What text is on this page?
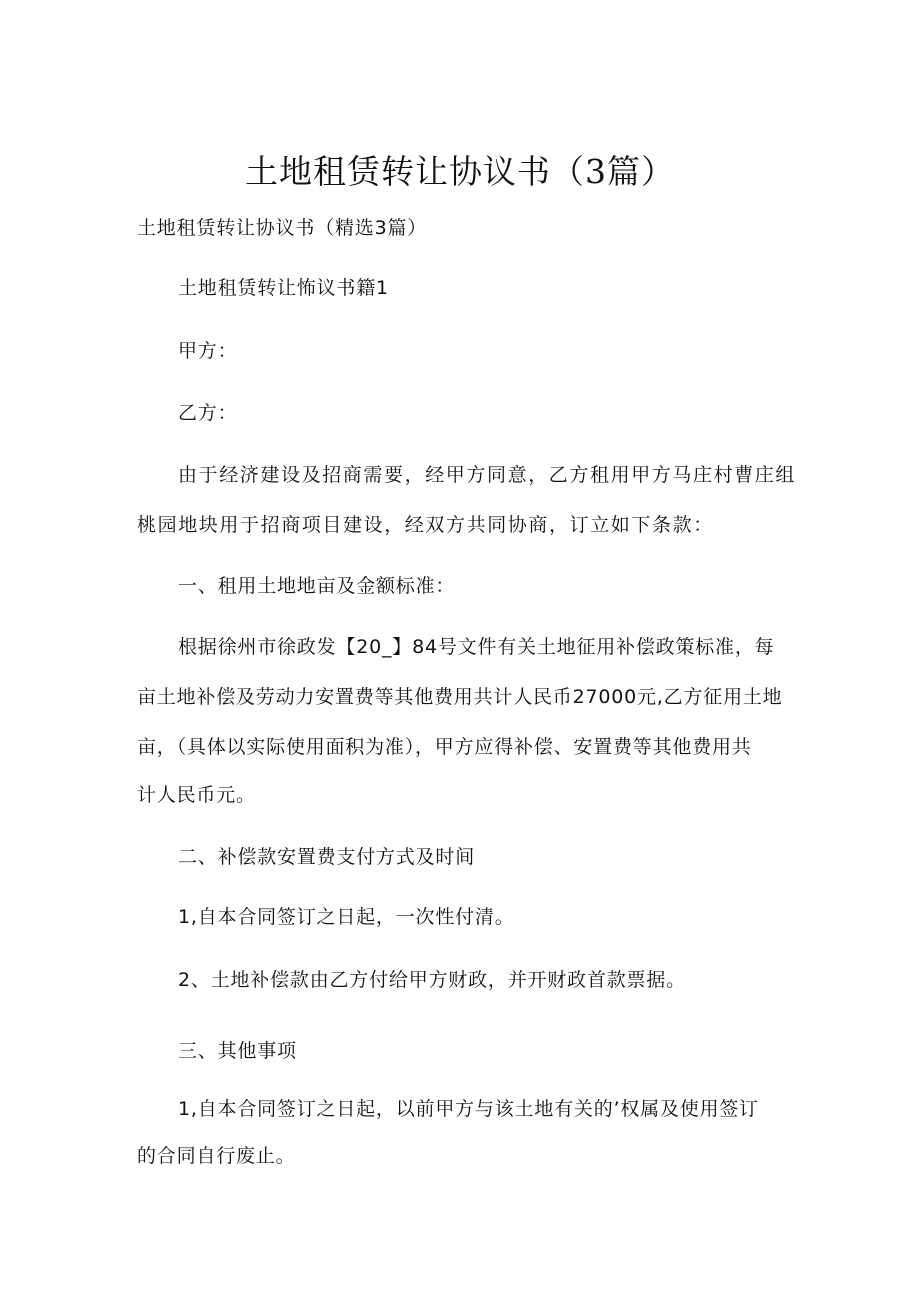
土地租赁转让协议书（3篇）
土地租赁转让协议书（精选3篇）
土地租赁转让怖议书籍1
甲方：
乙方：
由于经济建设及招商需要，经甲方同意，乙方租用甲方马庄村曹庄组
桃园地块用于招商项目建设，经双方共同协商，订立如下条款：
一、租用土地地亩及金额标准：
根据徐州市徐政发【20_】84号文件有关土地征用补偿政策标准，每
亩土地补偿及劳动力安置费等其他费用共计人民币27000元,乙方征用土地
亩，（具体以实际使用面积为准），甲方应得补偿、安置费等其他费用共
计人民币元。
二、补偿款安置费支付方式及时间
1,自本合同签订之日起，一次性付清。
2、土地补偿款由乙方付给甲方财政，并开财政首款票据。
三、其他事项
1,自本合同签订之日起，以前甲方与该土地有关的’权属及使用签订
的合同自行废止。
